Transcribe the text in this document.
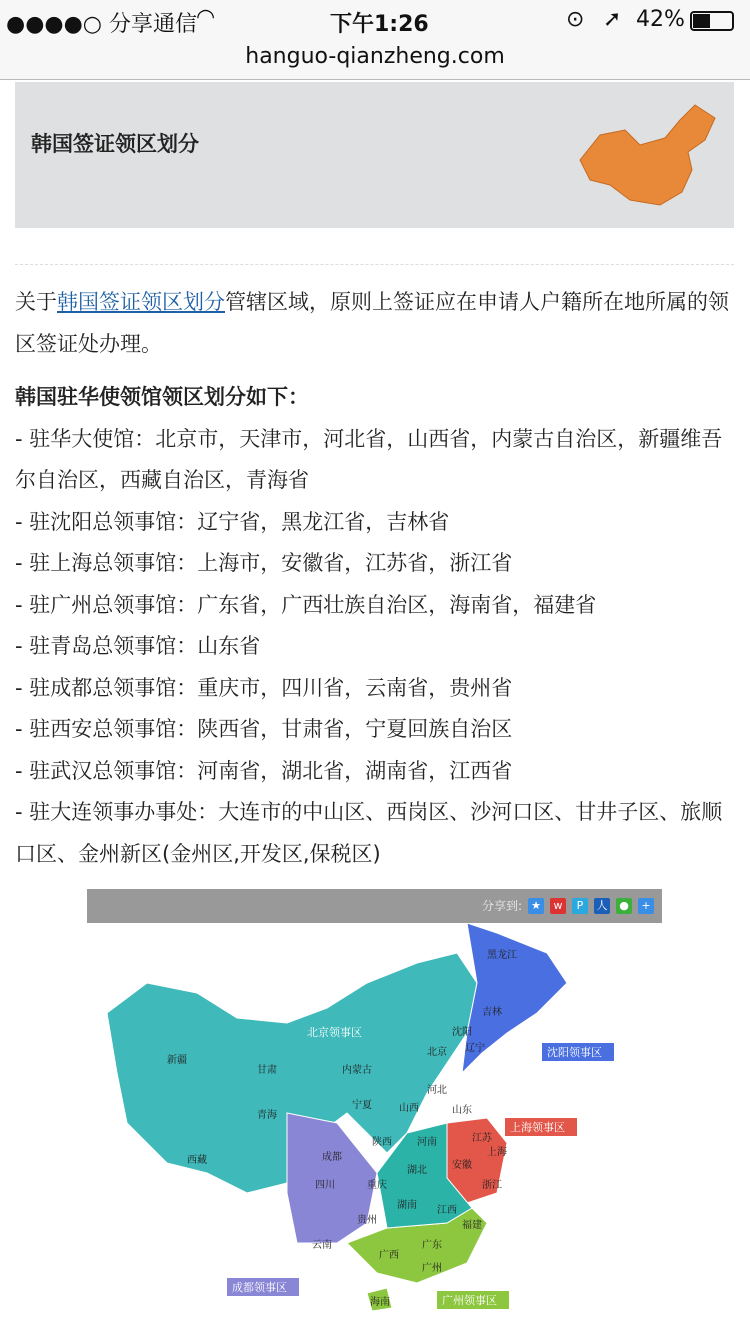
●●●●○ 分享通信 ◠	下午1:26	⊙ ➚ 42%
hanguo-qianzheng.com
韩国签证领区划分

关于韩国签证领区划分管辖区域，原则上签证应在申请人户籍所在地所属的领区签证处办理。

韩国驻华使领馆领区划分如下：

- 驻华大使馆：北京市，天津市，河北省，山西省，内蒙古自治区，新疆维吾尔自治区，西藏自治区，青海省

- 驻沈阳总领事馆：辽宁省，黑龙江省，吉林省

- 驻上海总领事馆：上海市，安徽省，江苏省，浙江省

- 驻广州总领事馆：广东省，广西壮族自治区，海南省，福建省

- 驻青岛总领事馆：山东省

- 驻成都总领事馆：重庆市，四川省，云南省，贵州省

- 驻西安总领事馆：陕西省，甘肃省，宁夏回族自治区

- 驻武汉总领事馆：河南省，湖北省，湖南省，江西省

- 驻大连领事办事处：大连市的中山区、西岗区、沙河口区、甘井子区、旅顺口区、金州新区(金州区,开发区,保税区)

分享到: ★	w	P	人 ●	+
黑龙江
吉林
沈阳
辽宁
北京
新疆
甘肃	内蒙古
宁夏
河北
山西	山东
青海
西藏
陕西	河南	江苏
安徽
上海
浙江
成都
四川	重庆
湖北
湖南 江西
福建
贵州
云南
广西
广东
广州
海南
北京领事区
沈阳领事区
上海领事区
成都领事区
广州领事区
